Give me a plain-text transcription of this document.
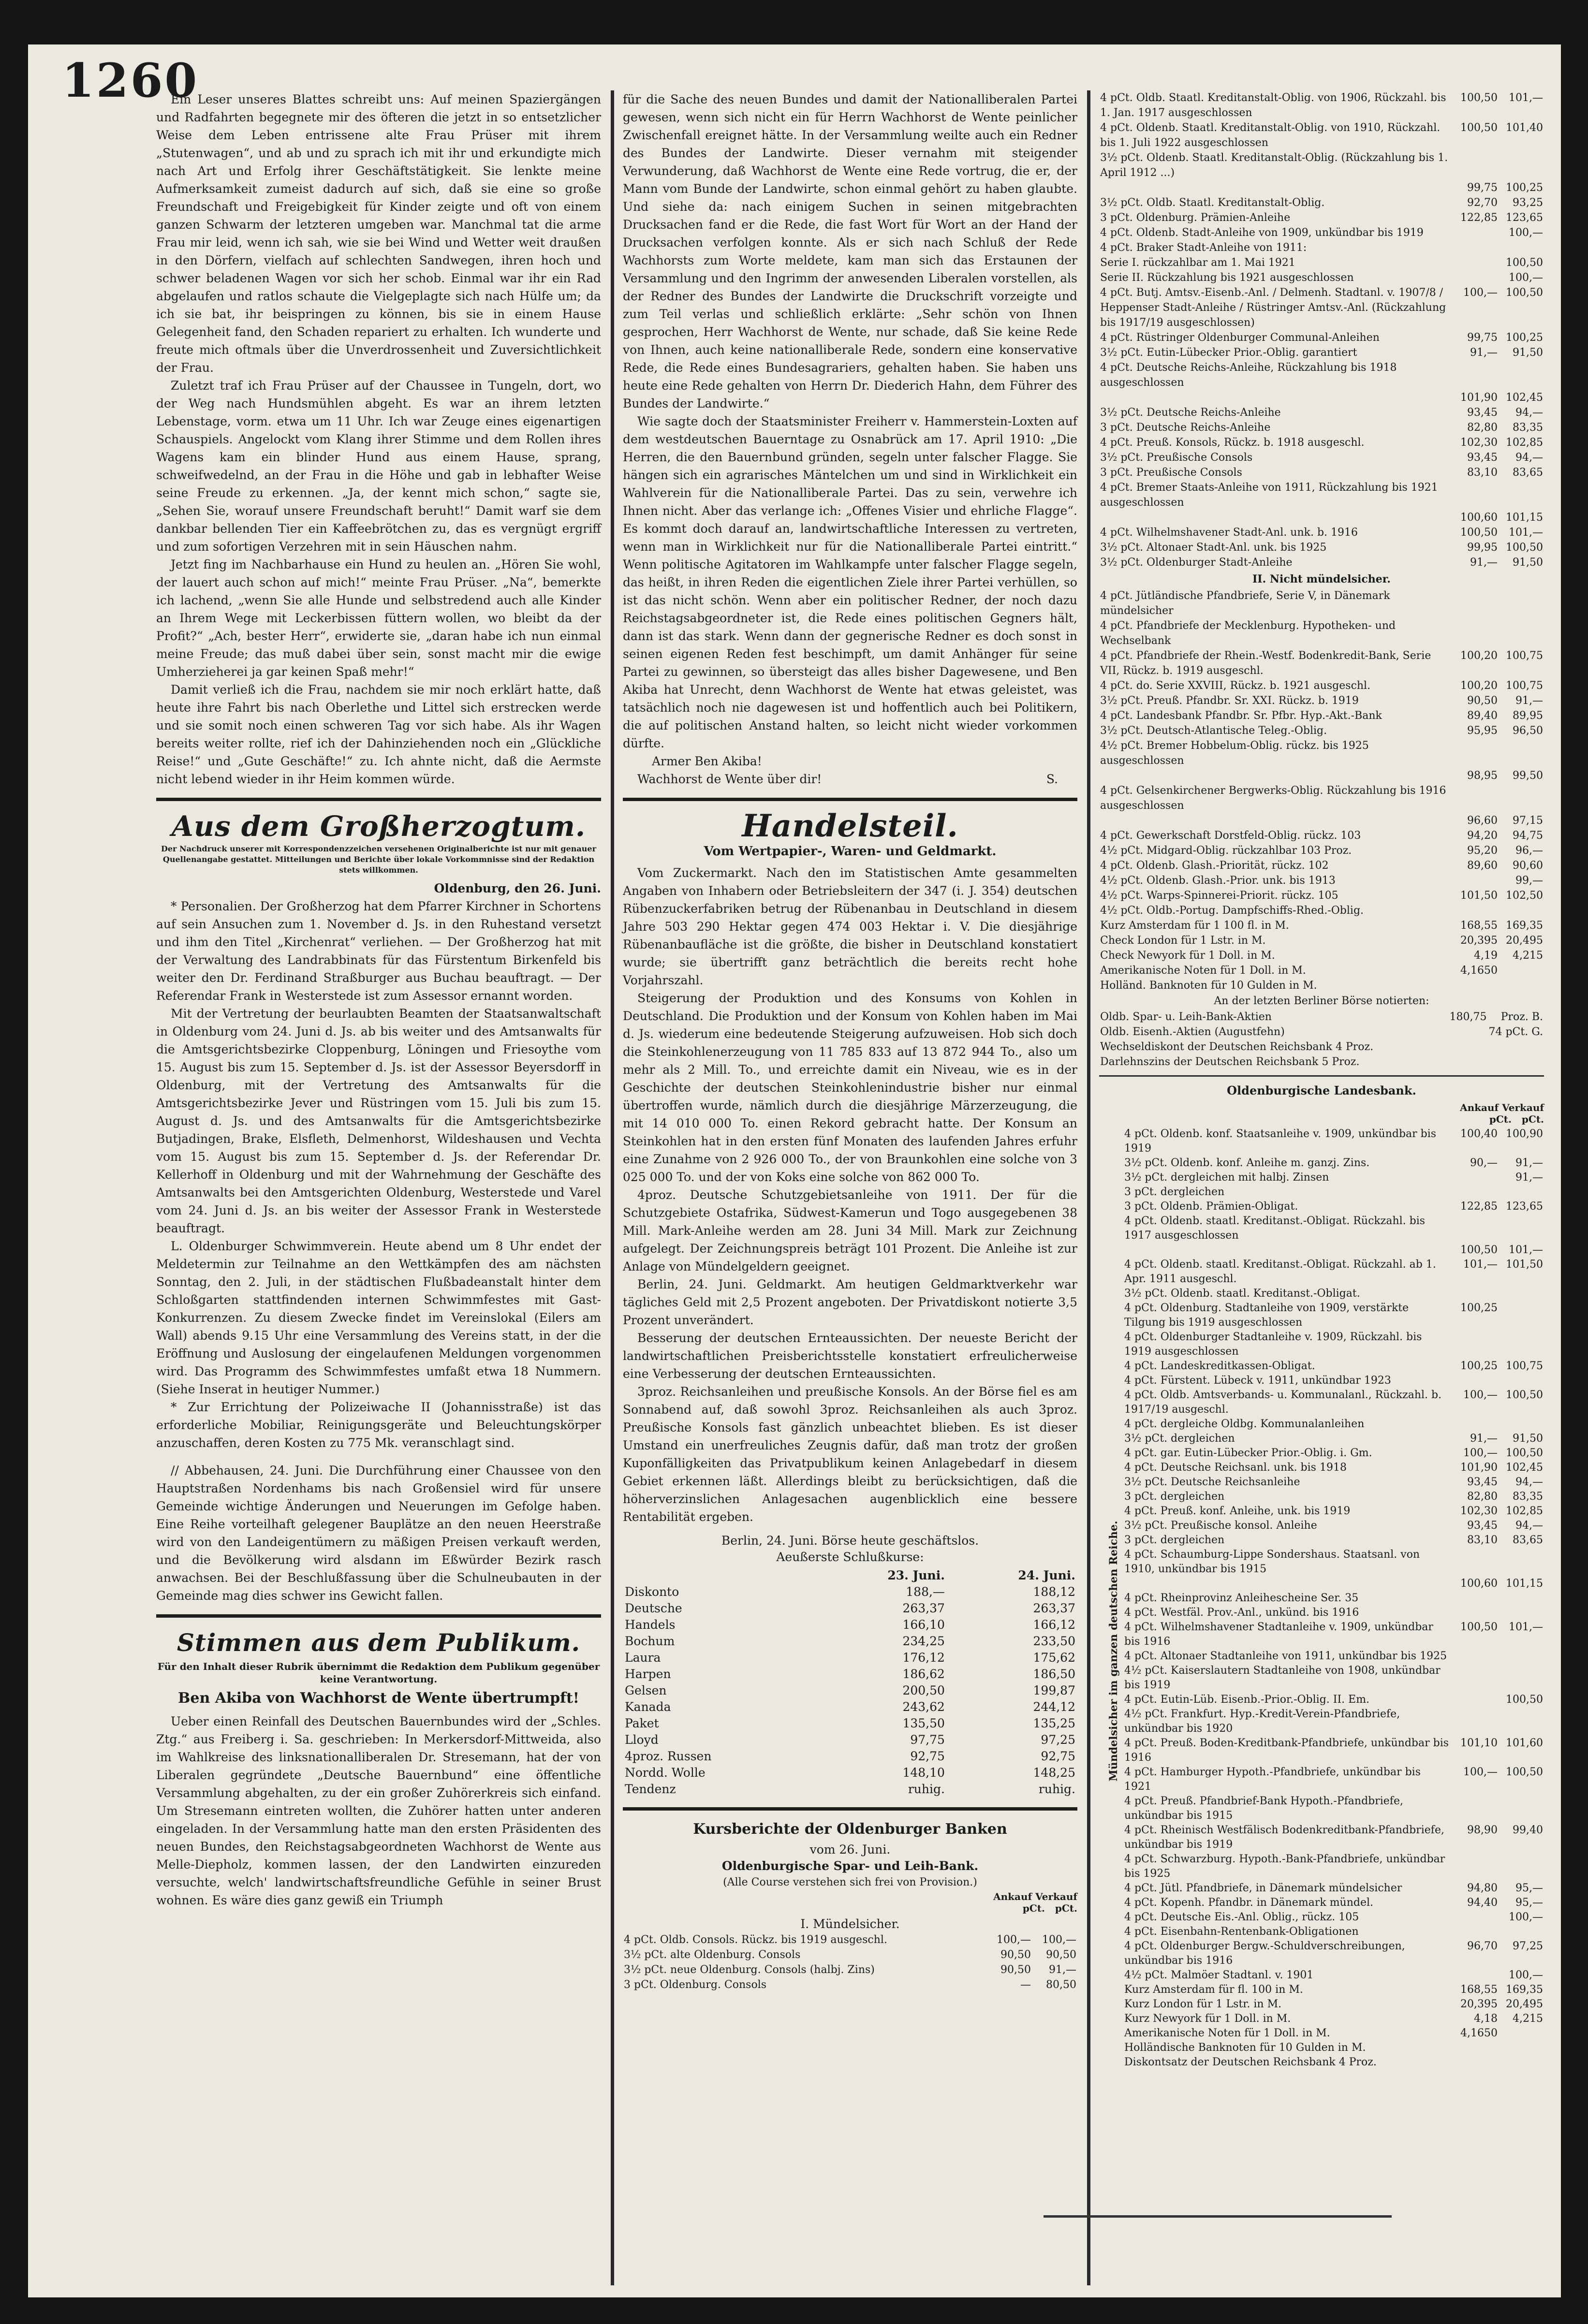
1260

Ein Leser unseres Blattes schreibt uns: Auf meinen Spaziergängen und Radfahrten begegnete mir des öfteren die jetzt in so entsetzlicher Weise dem Leben entrissene alte Frau Prüser mit ihrem „Stutenwagen“, und ab und zu sprach ich mit ihr und erkundigte mich nach Art und Erfolg ihrer Geschäftstätigkeit. Sie lenkte meine Aufmerksamkeit zumeist dadurch auf sich, daß sie eine so große Freundschaft und Freigebigkeit für Kinder zeigte und oft von einem ganzen Schwarm der letzteren umgeben war. Manchmal tat die arme Frau mir leid, wenn ich sah, wie sie bei Wind und Wetter weit draußen in den Dörfern, vielfach auf schlechten Sandwegen, ihren hoch und schwer beladenen Wagen vor sich her schob. Einmal war ihr ein Rad abgelaufen und ratlos schaute die Vielgeplagte sich nach Hülfe um; da ich sie bat, ihr beispringen zu können, bis sie in einem Hause Gelegenheit fand, den Schaden repariert zu erhalten. Ich wunderte und freute mich oftmals über die Unverdrossenheit und Zuversichtlichkeit der Frau.

Zuletzt traf ich Frau Prüser auf der Chaussee in Tungeln, dort, wo der Weg nach Hundsmühlen abgeht. Es war an ihrem letzten Lebenstage, vorm. etwa um 11 Uhr. Ich war Zeuge eines eigenartigen Schauspiels. Angelockt vom Klang ihrer Stimme und dem Rollen ihres Wagens kam ein blinder Hund aus einem Hause, sprang, schweifwedelnd, an der Frau in die Höhe und gab in lebhafter Weise seine Freude zu erkennen. „Ja, der kennt mich schon,“ sagte sie, „Sehen Sie, worauf unsere Freundschaft beruht!“ Damit warf sie dem dankbar bellenden Tier ein Kaffeebrötchen zu, das es vergnügt ergriff und zum sofortigen Verzehren mit in sein Häuschen nahm.

Jetzt fing im Nachbarhause ein Hund zu heulen an. „Hören Sie wohl, der lauert auch schon auf mich!“ meinte Frau Prüser. „Na“, bemerkte ich lachend, „wenn Sie alle Hunde und selbstredend auch alle Kinder an Ihrem Wege mit Leckerbissen füttern wollen, wo bleibt da der Profit?“ „Ach, bester Herr“, erwiderte sie, „daran habe ich nun einmal meine Freude; das muß dabei über sein, sonst macht mir die ewige Umherzieherei ja gar keinen Spaß mehr!“

Damit verließ ich die Frau, nachdem sie mir noch erklärt hatte, daß heute ihre Fahrt bis nach Oberlethe und Littel sich erstrecken werde und sie somit noch einen schweren Tag vor sich habe. Als ihr Wagen bereits weiter rollte, rief ich der Dahinziehenden noch ein „Glückliche Reise!“ und „Gute Geschäfte!“ zu. Ich ahnte nicht, daß die Aermste nicht lebend wieder in ihr Heim kommen würde.

Aus dem Großherzogtum.

Der Nachdruck unserer mit Korrespondenzzeichen versehenen Originalberichte ist nur mit genauer Quellenangabe gestattet. Mitteilungen und Berichte über lokale Vorkommnisse sind der Redaktion stets willkommen.

Oldenburg, den 26. Juni.

* Personalien. Der Großherzog hat dem Pfarrer Kirchner in Schortens auf sein Ansuchen zum 1. November d. Js. in den Ruhestand versetzt und ihm den Titel „Kirchenrat“ verliehen. — Der Großherzog hat mit der Verwaltung des Landrabbinats für das Fürstentum Birkenfeld bis weiter den Dr. Ferdinand Straßburger aus Buchau beauftragt. — Der Referendar Frank in Westerstede ist zum Assessor ernannt worden.

Mit der Vertretung der beurlaubten Beamten der Staatsanwaltschaft in Oldenburg vom 24. Juni d. Js. ab bis weiter und des Amtsanwalts für die Amtsgerichtsbezirke Cloppenburg, Löningen und Friesoythe vom 15. August bis zum 15. September d. Js. ist der Assessor Beyersdorff in Oldenburg, mit der Vertretung des Amtsanwalts für die Amtsgerichtsbezirke Jever und Rüstringen vom 15. Juli bis zum 15. August d. Js. und des Amtsanwalts für die Amtsgerichtsbezirke Butjadingen, Brake, Elsfleth, Delmenhorst, Wildeshausen und Vechta vom 15. August bis zum 15. September d. Js. der Referendar Dr. Kellerhoff in Oldenburg und mit der Wahrnehmung der Geschäfte des Amtsanwalts bei den Amtsgerichten Oldenburg, Westerstede und Varel vom 24. Juni d. Js. an bis weiter der Assessor Frank in Westerstede beauftragt.

L. Oldenburger Schwimmverein. Heute abend um 8 Uhr endet der Meldetermin zur Teilnahme an den Wettkämpfen des am nächsten Sonntag, den 2. Juli, in der städtischen Flußbadeanstalt hinter dem Schloßgarten stattfindenden internen Schwimmfestes mit Gast-Konkurrenzen. Zu diesem Zwecke findet im Vereinslokal (Eilers am Wall) abends 9.15 Uhr eine Versammlung des Vereins statt, in der die Eröffnung und Auslosung der eingelaufenen Meldungen vorgenommen wird. Das Programm des Schwimmfestes umfaßt etwa 18 Nummern. (Siehe Inserat in heutiger Nummer.)

* Zur Errichtung der Polizeiwache II (Johannisstraße) ist das erforderliche Mobiliar, Reinigungsgeräte und Beleuchtungskörper anzuschaffen, deren Kosten zu 775 Mk. veranschlagt sind.

// Abbehausen, 24. Juni. Die Durchführung einer Chaussee von den Hauptstraßen Nordenhams bis nach Großensiel wird für unsere Gemeinde wichtige Änderungen und Neuerungen im Gefolge haben. Eine Reihe vorteilhaft gelegener Bauplätze an den neuen Heerstraße wird von den Landeigentümern zu mäßigen Preisen verkauft werden, und die Bevölkerung wird alsdann im Eßwürder Bezirk rasch anwachsen. Bei der Beschlußfassung über die Schulneubauten in der Gemeinde mag dies schwer ins Gewicht fallen.

Stimmen aus dem Publikum.

Für den Inhalt dieser Rubrik übernimmt die Redaktion dem Publikum gegenüber keine Verantwortung.

Ben Akiba von Wachhorst de Wente übertrumpft!

Ueber einen Reinfall des Deutschen Bauernbundes wird der „Schles. Ztg.“ aus Freiberg i. Sa. geschrieben: In Merkersdorf-Mittweida, also im Wahlkreise des linksnationalliberalen Dr. Stresemann, hat der von Liberalen gegründete „Deutsche Bauernbund“ eine öffentliche Versammlung abgehalten, zu der ein großer Zuhörerkreis sich einfand. Um Stresemann eintreten wollten, die Zuhörer hatten unter anderen eingeladen. In der Versammlung hatte man den ersten Präsidenten des neuen Bundes, den Reichstagsabgeordneten Wachhorst de Wente aus Melle-Diepholz, kommen lassen, der den Landwirten einzureden versuchte, welch' landwirtschaftsfreundliche Gefühle in seiner Brust wohnen. Es wäre dies ganz gewiß ein Triumph

für die Sache des neuen Bundes und damit der Nationalliberalen Partei gewesen, wenn sich nicht ein für Herrn Wachhorst de Wente peinlicher Zwischenfall ereignet hätte. In der Versammlung weilte auch ein Redner des Bundes der Landwirte. Dieser vernahm mit steigender Verwunderung, daß Wachhorst de Wente eine Rede vortrug, die er, der Mann vom Bunde der Landwirte, schon einmal gehört zu haben glaubte. Und siehe da: nach einigem Suchen in seinen mitgebrachten Drucksachen fand er die Rede, die fast Wort für Wort an der Hand der Drucksachen verfolgen konnte. Als er sich nach Schluß der Rede Wachhorsts zum Worte meldete, kam man sich das Erstaunen der Versammlung und den Ingrimm der anwesenden Liberalen vorstellen, als der Redner des Bundes der Landwirte die Druckschrift vorzeigte und zum Teil verlas und schließlich erklärte: „Sehr schön von Ihnen gesprochen, Herr Wachhorst de Wente, nur schade, daß Sie keine Rede von Ihnen, auch keine nationalliberale Rede, sondern eine konservative Rede, die Rede eines Bundesagrariers, gehalten haben. Sie haben uns heute eine Rede gehalten von Herrn Dr. Diederich Hahn, dem Führer des Bundes der Landwirte.“

Wie sagte doch der Staatsminister Freiherr v. Hammerstein-Loxten auf dem westdeutschen Bauerntage zu Osnabrück am 17. April 1910: „Die Herren, die den Bauernbund gründen, segeln unter falscher Flagge. Sie hängen sich ein agrarisches Mäntelchen um und sind in Wirklichkeit ein Wahlverein für die Nationalliberale Partei. Das zu sein, verwehre ich Ihnen nicht. Aber das verlange ich: „Offenes Visier und ehrliche Flagge“. Es kommt doch darauf an, landwirtschaftliche Interessen zu vertreten, wenn man in Wirklichkeit nur für die Nationalliberale Partei eintritt.“ Wenn politische Agitatoren im Wahlkampfe unter falscher Flagge segeln, das heißt, in ihren Reden die eigentlichen Ziele ihrer Partei verhüllen, so ist das nicht schön. Wenn aber ein politischer Redner, der noch dazu Reichstagsabgeordneter ist, die Rede eines politischen Gegners hält, dann ist das stark. Wenn dann der gegnerische Redner es doch sonst in seinen eigenen Reden fest beschimpft, um damit Anhänger für seine Partei zu gewinnen, so übersteigt das alles bisher Dagewesene, und Ben Akiba hat Unrecht, denn Wachhorst de Wente hat etwas geleistet, was tatsächlich noch nie dagewesen ist und hoffentlich auch bei Politikern, die auf politischen Anstand halten, so leicht nicht wieder vorkommen dürfte.

Armer Ben Akiba!

Wachhorst de Wente über dir!	S.

Handelsteil.
Vom Wertpapier-, Waren- und Geldmarkt.

Vom Zuckermarkt. Nach den im Statistischen Amte gesammelten Angaben von Inhabern oder Betriebsleitern der 347 (i. J. 354) deutschen Rübenzuckerfabriken betrug der Rübenanbau in Deutschland in diesem Jahre 503 290 Hektar gegen 474 003 Hektar i. V. Die diesjährige Rübenanbaufläche ist die größte, die bisher in Deutschland konstatiert wurde; sie übertrifft ganz beträchtlich die bereits recht hohe Vorjahrszahl.

Steigerung der Produktion und des Konsums von Kohlen in Deutschland. Die Produktion und der Konsum von Kohlen haben im Mai d. Js. wiederum eine bedeutende Steigerung aufzuweisen. Hob sich doch die Steinkohlenerzeugung von 11 785 833 auf 13 872 944 To., also um mehr als 2 Mill. To., und erreichte damit ein Niveau, wie es in der Geschichte der deutschen Steinkohlenindustrie bisher nur einmal übertroffen wurde, nämlich durch die diesjährige Märzerzeugung, die mit 14 010 000 To. einen Rekord gebracht hatte. Der Konsum an Steinkohlen hat in den ersten fünf Monaten des laufenden Jahres erfuhr eine Zunahme von 2 926 000 To., der von Braunkohlen eine solche von 3 025 000 To. und der von Koks eine solche von 862 000 To.

4proz. Deutsche Schutzgebietsanleihe von 1911. Der für die Schutzgebiete Ostafrika, Südwest-Kamerun und Togo ausgegebenen 38 Mill. Mark-Anleihe werden am 28. Juni 34 Mill. Mark zur Zeichnung aufgelegt. Der Zeichnungspreis beträgt 101 Prozent. Die Anleihe ist zur Anlage von Mündelgeldern geeignet.

Berlin, 24. Juni. Geldmarkt. Am heutigen Geldmarktverkehr war tägliches Geld mit 2,5 Prozent angeboten. Der Privatdiskont notierte 3,5 Prozent unverändert.

Besserung der deutschen Ernteaussichten. Der neueste Bericht der landwirtschaftlichen Preisberichtsstelle konstatiert erfreulicherweise eine Verbesserung der deutschen Ernteaussichten.

3proz. Reichsanleihen und preußische Konsols. An der Börse fiel es am Sonnabend auf, daß sowohl 3proz. Reichsanleihen als auch 3proz. Preußische Konsols fast gänzlich unbeachtet blieben. Es ist dieser Umstand ein unerfreuliches Zeugnis dafür, daß man trotz der großen Kuponfälligkeiten das Privatpublikum keinen Anlagebedarf in diesem Gebiet erkennen läßt. Allerdings bleibt zu berücksichtigen, daß die höherverzinslichen Anlagesachen augenblicklich eine bessere Rentabilität ergeben.

Berlin, 24. Juni. Börse heute geschäftslos.

Aeußerste Schlußkurse:

	23. Juni.	24. Juni.
Diskonto	188,—	188,12
Deutsche	263,37	263,37
Handels	166,10	166,12
Bochum	234,25	233,50
Laura	176,12	175,62
Harpen	186,62	186,50
Gelsen	200,50	199,87
Kanada	243,62	244,12
Paket	135,50	135,25
Lloyd	97,75	97,25
4proz. Russen	92,75	92,75
Nordd. Wolle	148,10	148,25
Tendenz	ruhig.	ruhig.
Kursberichte der Oldenburger Banken

vom 26. Juni.

Oldenburgische Spar- und Leih-Bank.

(Alle Course verstehen sich frei von Provision.)

Ankauf Verkauf
pCt. pCt.

I. Mündelsicher.

4 pCt. Oldb. Consols. Rückz. bis 1919 ausgeschl.	100,—	100,—
3½ pCt. alte Oldenburg. Consols	90,50	90,50
3½ pCt. neue Oldenburg. Consols (halbj. Zins)	90,50	91,—
3 pCt. Oldenburg. Consols	—	80,50
4 pCt. Oldb. Staatl. Kreditanstalt-Oblig. von 1906, Rückzahl. bis 1. Jan. 1917 ausgeschlossen	100,50	101,—
4 pCt. Oldenb. Staatl. Kreditanstalt-Oblig. von 1910, Rückzahl. bis 1. Juli 1922 ausgeschlossen	100,50	101,40
3½ pCt. Oldenb. Staatl. Kreditanstalt-Oblig. (Rückzahlung bis 1. April 1912 ...)		
	99,75	100,25
3½ pCt. Oldb. Staatl. Kreditanstalt-Oblig.	92,70	93,25
3 pCt. Oldenburg. Prämien-Anleihe	122,85	123,65
4 pCt. Oldenb. Stadt-Anleihe von 1909, unkündbar bis 1919		100,—
4 pCt. Braker Stadt-Anleihe von 1911:		
Serie I. rückzahlbar am 1. Mai 1921		100,50
Serie II. Rückzahlung bis 1921 ausgeschlossen		100,—
4 pCt. Butj. Amtsv.-Eisenb.-Anl. / Delmenh. Stadtanl. v. 1907/8 / Heppenser Stadt-Anleihe / Rüstringer Amtsv.-Anl. (Rückzahlung bis 1917/19 ausgeschlossen)	100,—	100,50
4 pCt. Rüstringer Oldenburger Communal-Anleihen	99,75	100,25
3½ pCt. Eutin-Lübecker Prior.-Oblig. garantiert	91,—	91,50
4 pCt. Deutsche Reichs-Anleihe, Rückzahlung bis 1918 ausgeschlossen		
	101,90	102,45
3½ pCt. Deutsche Reichs-Anleihe	93,45	94,—
3 pCt. Deutsche Reichs-Anleihe	82,80	83,35
4 pCt. Preuß. Konsols, Rückz. b. 1918 ausgeschl.	102,30	102,85
3½ pCt. Preußische Consols	93,45	94,—
3 pCt. Preußische Consols	83,10	83,65
4 pCt. Bremer Staats-Anleihe von 1911, Rückzahlung bis 1921 ausgeschlossen		
	100,60	101,15
4 pCt. Wilhelmshavener Stadt-Anl. unk. b. 1916	100,50	101,—
3½ pCt. Altonaer Stadt-Anl. unk. bis 1925	99,95	100,50
3½ pCt. Oldenburger Stadt-Anleihe	91,—	91,50
II. Nicht mündelsicher.
4 pCt. Jütländische Pfandbriefe, Serie V, in Dänemark mündelsicher		
4 pCt. Pfandbriefe der Mecklenburg. Hypotheken- und Wechselbank		
4 pCt. Pfandbriefe der Rhein.-Westf. Bodenkredit-Bank, Serie VII, Rückz. b. 1919 ausgeschl.	100,20	100,75
4 pCt. do. Serie XXVIII, Rückz. b. 1921 ausgeschl.	100,20	100,75
3½ pCt. Preuß. Pfandbr. Sr. XXI. Rückz. b. 1919	90,50	91,—
4 pCt. Landesbank Pfandbr. Sr. Pfbr. Hyp.-Akt.-Bank	89,40	89,95
3½ pCt. Deutsch-Atlantische Teleg.-Oblig.	95,95	96,50
4½ pCt. Bremer Hobbelum-Oblig. rückz. bis 1925 ausgeschlossen		
	98,95	99,50
4 pCt. Gelsenkirchener Bergwerks-Oblig. Rückzahlung bis 1916 ausgeschlossen		
	96,60	97,15
4 pCt. Gewerkschaft Dorstfeld-Oblig. rückz. 103	94,20	94,75
4½ pCt. Midgard-Oblig. rückzahlbar 103 Proz.	95,20	96,—
4 pCt. Oldenb. Glash.-Priorität, rückz. 102	89,60	90,60
4½ pCt. Oldenb. Glash.-Prior. unk. bis 1913		99,—
4½ pCt. Warps-Spinnerei-Priorit. rückz. 105	101,50	102,50
4½ pCt. Oldb.-Portug. Dampfschiffs-Rhed.-Oblig.		
Kurz Amsterdam für 1 100 fl. in M.	168,55	169,35
Check London für 1 Lstr. in M.	20,395	20,495
Check Newyork für 1 Doll. in M.	4,19	4,215
Amerikanische Noten für 1 Doll. in M.	4,1650	
Holländ. Banknoten für 10 Gulden in M.		

An der letzten Berliner Börse notierten:

Oldb. Spar- u. Leih-Bank-Aktien	180,75	Proz. B.
Oldb. Eisenh.-Aktien (Augustfehn)		74 pCt. G.
Wechseldiskont der Deutschen Reichsbank 4 Proz.		
Darlehnszins der Deutschen Reichsbank 5 Proz.		
Oldenburgische Landesbank.
Ankauf Verkauf
pCt. pCt.
4 pCt. Oldenb. konf. Staatsanleihe v. 1909, unkündbar bis 1919	100,40	100,90
3½ pCt. Oldenb. konf. Anleihe m. ganzj. Zins.	90,—	91,—
3½ pCt. dergleichen mit halbj. Zinsen		91,—
3 pCt. dergleichen		
3 pCt. Oldenb. Prämien-Obligat.	122,85	123,65
4 pCt. Oldenb. staatl. Kreditanst.-Obligat. Rückzahl. bis 1917 ausgeschlossen		
	100,50	101,—
4 pCt. Oldenb. staatl. Kreditanst.-Obligat. Rückzahl. ab 1. Apr. 1911 ausgeschl.	101,—	101,50
3½ pCt. Oldenb. staatl. Kreditanst.-Obligat.		
4 pCt. Oldenburg. Stadtanleihe von 1909, verstärkte Tilgung bis 1919 ausgeschlossen	100,25	
4 pCt. Oldenburger Stadtanleihe v. 1909, Rückzahl. bis 1919 ausgeschlossen		
4 pCt. Landeskreditkassen-Obligat.	100,25	100,75
4 pCt. Fürstent. Lübeck v. 1911, unkündbar 1923		
4 pCt. Oldb. Amtsverbands- u. Kommunalanl., Rückzahl. b. 1917/19 ausgeschl.	100,—	100,50
4 pCt. dergleiche Oldbg. Kommunalanleihen		
3½ pCt. dergleichen	91,—	91,50
4 pCt. gar. Eutin-Lübecker Prior.-Oblig. i. Gm.	100,—	100,50
4 pCt. Deutsche Reichsanl. unk. bis 1918	101,90	102,45
3½ pCt. Deutsche Reichsanleihe	93,45	94,—
3 pCt. dergleichen	82,80	83,35
4 pCt. Preuß. konf. Anleihe, unk. bis 1919	102,30	102,85
3½ pCt. Preußische konsol. Anleihe	93,45	94,—
3 pCt. dergleichen	83,10	83,65
4 pCt. Schaumburg-Lippe Sondershaus. Staatsanl. von 1910, unkündbar bis 1915		
	100,60	101,15
4 pCt. Rheinprovinz Anleihescheine Ser. 35		
4 pCt. Westfäl. Prov.-Anl., unkünd. bis 1916		
4 pCt. Wilhelmshavener Stadtanleihe v. 1909, unkündbar bis 1916	100,50	101,—
4 pCt. Altonaer Stadtanleihe von 1911, unkündbar bis 1925		
4½ pCt. Kaiserslautern Stadtanleihe von 1908, unkündbar bis 1919		
4 pCt. Eutin-Lüb. Eisenb.-Prior.-Oblig. II. Em.		100,50
4½ pCt. Frankfurt. Hyp.-Kredit-Verein-Pfandbriefe, unkündbar bis 1920		
4 pCt. Preuß. Boden-Kreditbank-Pfandbriefe, unkündbar bis 1916	101,10	101,60
4 pCt. Hamburger Hypoth.-Pfandbriefe, unkündbar bis 1921	100,—	100,50
4 pCt. Preuß. Pfandbrief-Bank Hypoth.-Pfandbriefe, unkündbar bis 1915		
4 pCt. Rheinisch Westfälisch Bodenkreditbank-Pfandbriefe, unkündbar bis 1919	98,90	99,40
4 pCt. Schwarzburg. Hypoth.-Bank-Pfandbriefe, unkündbar bis 1925		
4 pCt. Jütl. Pfandbriefe, in Dänemark mündelsicher	94,80	95,—
4 pCt. Kopenh. Pfandbr. in Dänemark mündel.	94,40	95,—
4 pCt. Deutsche Eis.-Anl. Oblig., rückz. 105		100,—
4 pCt. Eisenbahn-Rentenbank-Obligationen		
4 pCt. Oldenburger Bergw.-Schuldverschreibungen, unkündbar bis 1916	96,70	97,25
4½ pCt. Malmöer Stadtanl. v. 1901		100,—
Kurz Amsterdam für fl. 100 in M.	168,55	169,35
Kurz London für 1 Lstr. in M.	20,395	20,495
Kurz Newyork für 1 Doll. in M.	4,18	4,215
Amerikanische Noten für 1 Doll. in M.	4,1650	
Holländische Banknoten für 10 Gulden in M.		
Diskontsatz der Deutschen Reichsbank 4 Proz.		
Mündelsicher im ganzen deutschen Reiche.
